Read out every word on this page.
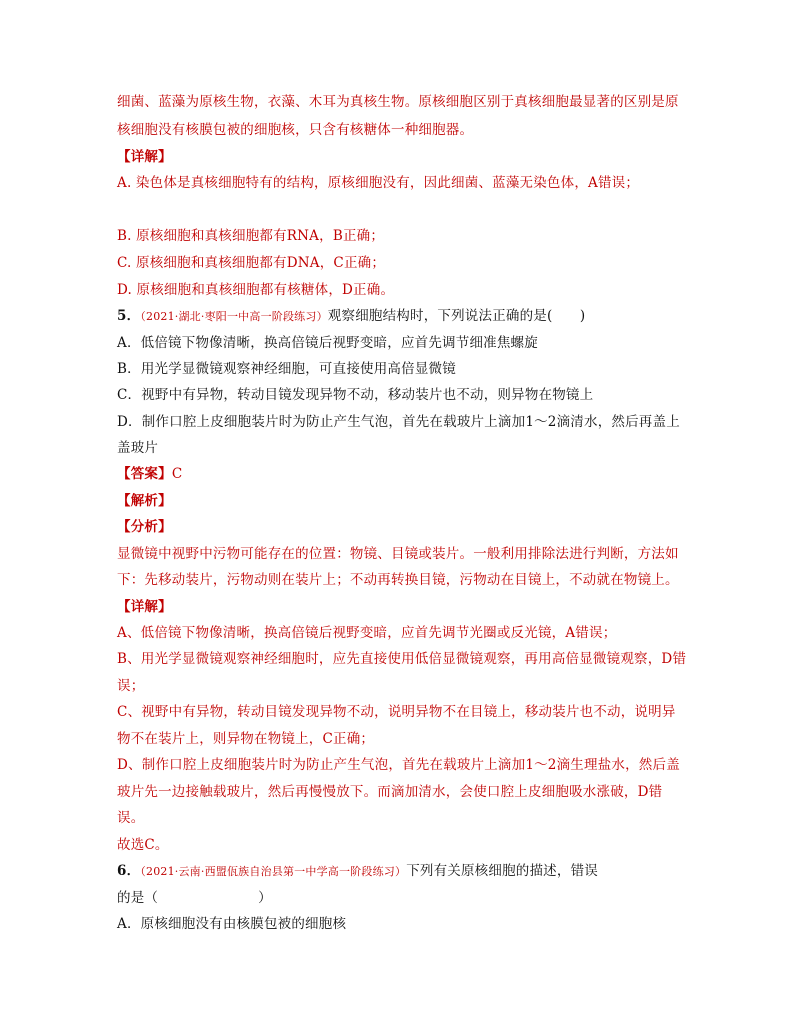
细菌、蓝藻为原核生物，衣藻、木耳为真核生物。原核细胞区别于真核细胞最显著的区别是原
核细胞没有核膜包被的细胞核，只含有核糖体一种细胞器。
【详解】
A. 染色体是真核细胞特有的结构，原核细胞没有，因此细菌、蓝藻无染色体，A错误；
B. 原核细胞和真核细胞都有RNA，B正确；
C. 原核细胞和真核细胞都有DNA，C正确；
D. 原核细胞和真核细胞都有核糖体，D正确。
5．（2021·湖北·枣阳一中高一阶段练习）观察细胞结构时，下列说法正确的是(　　)
A．低倍镜下物像清晰，换高倍镜后视野变暗，应首先调节细准焦螺旋
B．用光学显微镜观察神经细胞，可直接使用高倍显微镜
C．视野中有异物，转动目镜发现异物不动，移动装片也不动，则异物在物镜上
D．制作口腔上皮细胞装片时为防止产生气泡，首先在载玻片上滴加1～2滴清水，然后再盖上
盖玻片
【答案】C
【解析】
【分析】
显微镜中视野中污物可能存在的位置：物镜、目镜或装片。一般利用排除法进行判断，方法如
下：先移动装片，污物动则在装片上；不动再转换目镜，污物动在目镜上，不动就在物镜上。
【详解】
A、低倍镜下物像清晰，换高倍镜后视野变暗，应首先调节光圈或反光镜，A错误；
B、用光学显微镜观察神经细胞时，应先直接使用低倍显微镜观察，再用高倍显微镜观察，D错
误；
C、视野中有异物，转动目镜发现异物不动，说明异物不在目镜上，移动装片也不动，说明异
物不在装片上，则异物在物镜上，C正确；
D、制作口腔上皮细胞装片时为防止产生气泡，首先在载玻片上滴加1～2滴生理盐水，然后盖
玻片先一边接触载玻片，然后再慢慢放下。而滴加清水，会使口腔上皮细胞吸水涨破，D错
误。
故选C。
6．（2021·云南·西盟佤族自治县第一中学高一阶段练习）下列有关原核细胞的描述，错误
的是（	）
A．原核细胞没有由核膜包被的细胞核
